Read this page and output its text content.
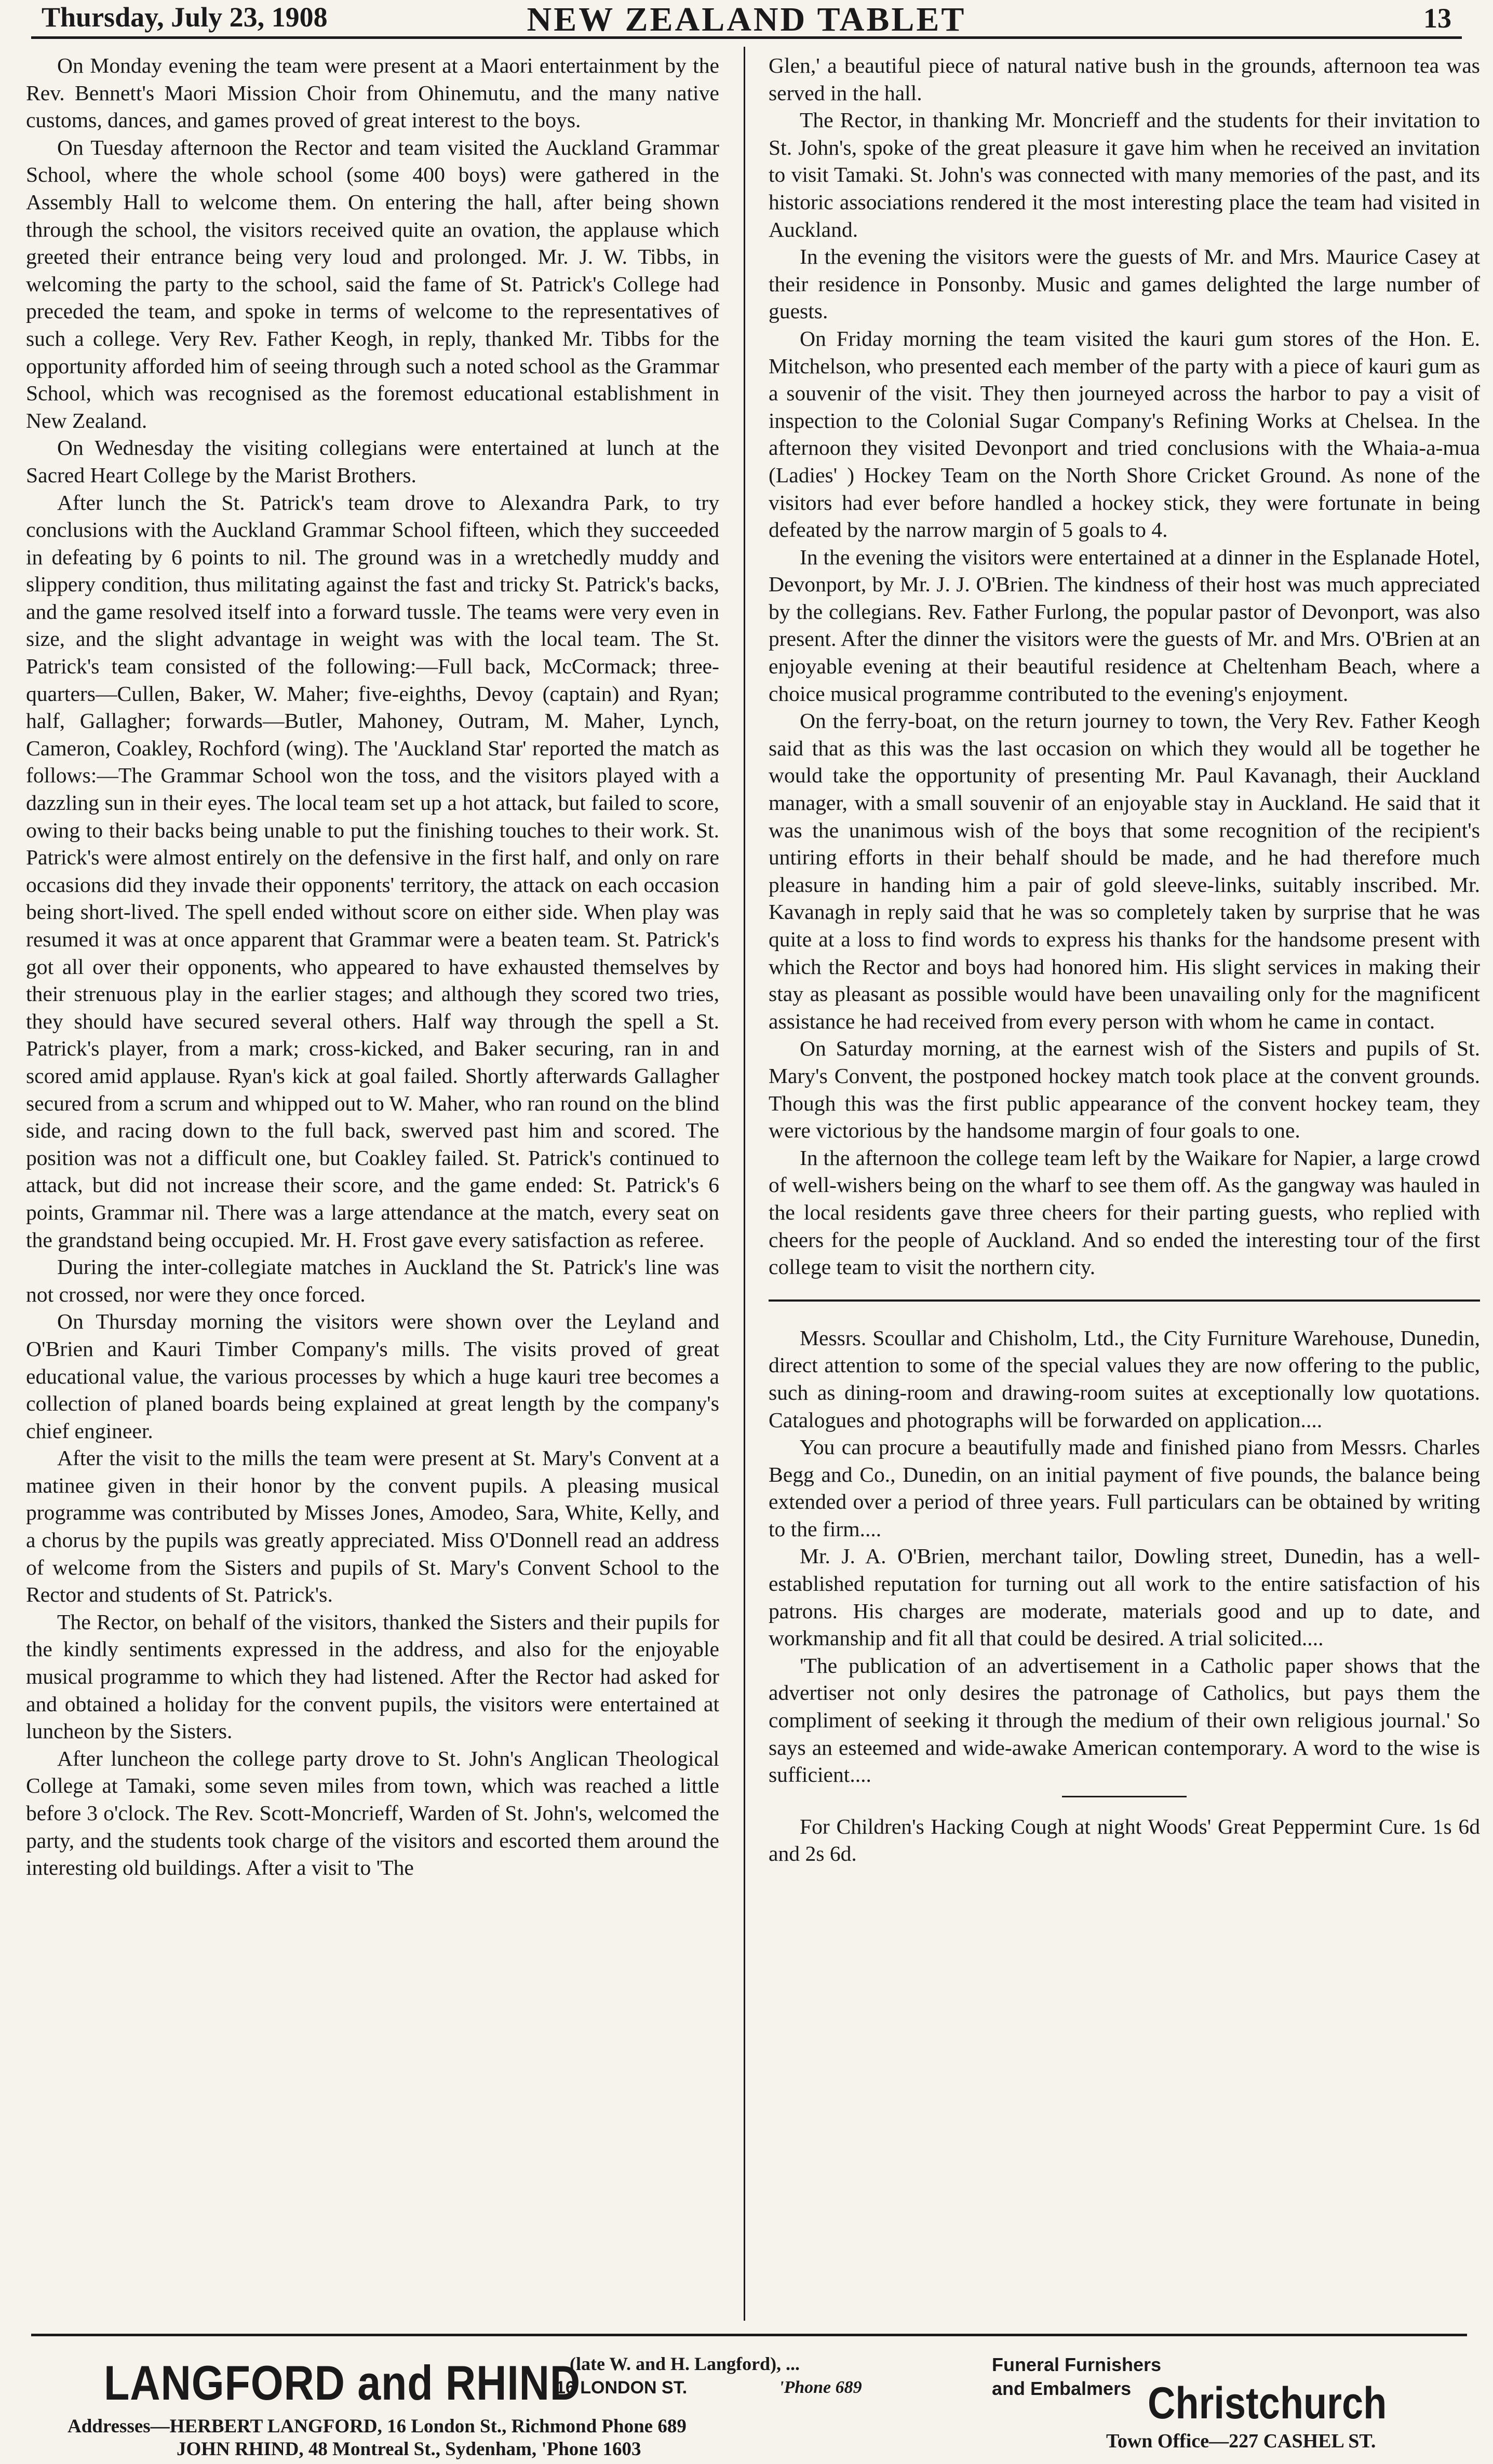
Thursday, July 23, 1908	NEW ZEALAND TABLET	13

On Monday evening the team were present at a Maori entertainment by the Rev. Bennett's Maori Mission Choir from Ohinemutu, and the many native customs, dances, and games proved of great interest to the boys.

On Tuesday afternoon the Rector and team visited the Auckland Grammar School, where the whole school (some 400 boys) were gathered in the Assembly Hall to welcome them. On entering the hall, after being shown through the school, the visitors received quite an ovation, the applause which greeted their entrance being very loud and prolonged. Mr. J. W. Tibbs, in welcoming the party to the school, said the fame of St. Patrick's College had preceded the team, and spoke in terms of welcome to the representatives of such a college. Very Rev. Father Keogh, in reply, thanked Mr. Tibbs for the opportunity afforded him of seeing through such a noted school as the Grammar School, which was recognised as the foremost educational establishment in New Zealand.

On Wednesday the visiting collegians were entertained at lunch at the Sacred Heart College by the Marist Brothers.

After lunch the St. Patrick's team drove to Alexandra Park, to try conclusions with the Auckland Grammar School fifteen, which they succeeded in defeating by 6 points to nil. The ground was in a wretchedly muddy and slippery condition, thus militating against the fast and tricky St. Patrick's backs, and the game resolved itself into a forward tussle. The teams were very even in size, and the slight advantage in weight was with the local team. The St. Patrick's team consisted of the following:—Full back, McCormack; three-quarters—Cullen, Baker, W. Maher; five-eighths, Devoy (captain) and Ryan; half, Gallagher; forwards—Butler, Mahoney, Outram, M. Maher, Lynch, Cameron, Coakley, Rochford (wing). The 'Auckland Star' reported the match as follows:—The Grammar School won the toss, and the visitors played with a dazzling sun in their eyes. The local team set up a hot attack, but failed to score, owing to their backs being unable to put the finishing touches to their work. St. Patrick's were almost entirely on the defensive in the first half, and only on rare occasions did they invade their opponents' territory, the attack on each occasion being short-lived. The spell ended without score on either side. When play was resumed it was at once apparent that Grammar were a beaten team. St. Patrick's got all over their opponents, who appeared to have exhausted themselves by their strenuous play in the earlier stages; and although they scored two tries, they should have secured several others. Half way through the spell a St. Patrick's player, from a mark; cross-kicked, and Baker securing, ran in and scored amid applause. Ryan's kick at goal failed. Shortly afterwards Gallagher secured from a scrum and whipped out to W. Maher, who ran round on the blind side, and racing down to the full back, swerved past him and scored. The position was not a difficult one, but Coakley failed. St. Patrick's continued to attack, but did not increase their score, and the game ended: St. Patrick's 6 points, Grammar nil. There was a large attendance at the match, every seat on the grandstand being occupied. Mr. H. Frost gave every satisfaction as referee.

During the inter-collegiate matches in Auckland the St. Patrick's line was not crossed, nor were they once forced.

On Thursday morning the visitors were shown over the Leyland and O'Brien and Kauri Timber Company's mills. The visits proved of great educational value, the various processes by which a huge kauri tree becomes a collection of planed boards being explained at great length by the company's chief engineer.

After the visit to the mills the team were present at St. Mary's Convent at a matinee given in their honor by the convent pupils. A pleasing musical programme was contributed by Misses Jones, Amodeo, Sara, White, Kelly, and a chorus by the pupils was greatly appreciated. Miss O'Donnell read an address of welcome from the Sisters and pupils of St. Mary's Convent School to the Rector and students of St. Patrick's.

The Rector, on behalf of the visitors, thanked the Sisters and their pupils for the kindly sentiments expressed in the address, and also for the enjoyable musical programme to which they had listened. After the Rector had asked for and obtained a holiday for the convent pupils, the visitors were entertained at luncheon by the Sisters.

After luncheon the college party drove to St. John's Anglican Theological College at Tamaki, some seven miles from town, which was reached a little before 3 o'clock. The Rev. Scott-Moncrieff, Warden of St. John's, welcomed the party, and the students took charge of the visitors and escorted them around the interesting old buildings. After a visit to 'The

Glen,' a beautiful piece of natural native bush in the grounds, afternoon tea was served in the hall.

The Rector, in thanking Mr. Moncrieff and the students for their invitation to St. John's, spoke of the great pleasure it gave him when he received an invitation to visit Tamaki. St. John's was connected with many memories of the past, and its historic associations rendered it the most interesting place the team had visited in Auckland.

In the evening the visitors were the guests of Mr. and Mrs. Maurice Casey at their residence in Ponsonby. Music and games delighted the large number of guests.

On Friday morning the team visited the kauri gum stores of the Hon. E. Mitchelson, who presented each member of the party with a piece of kauri gum as a souvenir of the visit. They then journeyed across the harbor to pay a visit of inspection to the Colonial Sugar Company's Refining Works at Chelsea. In the afternoon they visited Devonport and tried conclusions with the Whaia-a-mua (Ladies' ) Hockey Team on the North Shore Cricket Ground. As none of the visitors had ever before handled a hockey stick, they were fortunate in being defeated by the narrow margin of 5 goals to 4.

In the evening the visitors were entertained at a dinner in the Esplanade Hotel, Devonport, by Mr. J. J. O'Brien. The kindness of their host was much appreciated by the collegians. Rev. Father Furlong, the popular pastor of Devonport, was also present. After the dinner the visitors were the guests of Mr. and Mrs. O'Brien at an enjoyable evening at their beautiful residence at Cheltenham Beach, where a choice musical programme contributed to the evening's enjoyment.

On the ferry-boat, on the return journey to town, the Very Rev. Father Keogh said that as this was the last occasion on which they would all be together he would take the opportunity of presenting Mr. Paul Kavanagh, their Auckland manager, with a small souvenir of an enjoyable stay in Auckland. He said that it was the unanimous wish of the boys that some recognition of the recipient's untiring efforts in their behalf should be made, and he had therefore much pleasure in handing him a pair of gold sleeve-links, suitably inscribed. Mr. Kavanagh in reply said that he was so completely taken by surprise that he was quite at a loss to find words to express his thanks for the handsome present with which the Rector and boys had honored him. His slight services in making their stay as pleasant as possible would have been unavailing only for the magnificent assistance he had received from every person with whom he came in contact.

On Saturday morning, at the earnest wish of the Sisters and pupils of St. Mary's Convent, the postponed hockey match took place at the convent grounds. Though this was the first public appearance of the convent hockey team, they were victorious by the handsome margin of four goals to one.

In the afternoon the college team left by the Waikare for Napier, a large crowd of well-wishers being on the wharf to see them off. As the gangway was hauled in the local residents gave three cheers for their parting guests, who replied with cheers for the people of Auckland. And so ended the interesting tour of the first college team to visit the northern city.

Messrs. Scoullar and Chisholm, Ltd., the City Furniture Warehouse, Dunedin, direct attention to some of the special values they are now offering to the public, such as dining-room and drawing-room suites at exceptionally low quotations. Catalogues and photographs will be forwarded on application....

You can procure a beautifully made and finished piano from Messrs. Charles Begg and Co., Dunedin, on an initial payment of five pounds, the balance being extended over a period of three years. Full particulars can be obtained by writing to the firm....

Mr. J. A. O'Brien, merchant tailor, Dowling street, Dunedin, has a well-established reputation for turning out all work to the entire satisfaction of his patrons. His charges are moderate, materials good and up to date, and workmanship and fit all that could be desired. A trial solicited....

'The publication of an advertisement in a Catholic paper shows that the advertiser not only desires the patronage of Catholics, but pays them the compliment of seeking it through the medium of their own religious journal.' So says an esteemed and wide-awake American contemporary. A word to the wise is sufficient....

For Children's Hacking Cough at night Woods' Great Peppermint Cure. 1s 6d and 2s 6d.

LANGFORD and RHIND
...(late W. and H. Langford), ...
16 LONDON ST.	'Phone 689
Funeral Furnishers and Embalmers Christchurch
Addresses—HERBERT LANGFORD, 16 London St., Richmond Phone 689
JOHN RHIND, 48 Montreal St., Sydenham, 'Phone 1603	Town Office—227 CASHEL ST.
